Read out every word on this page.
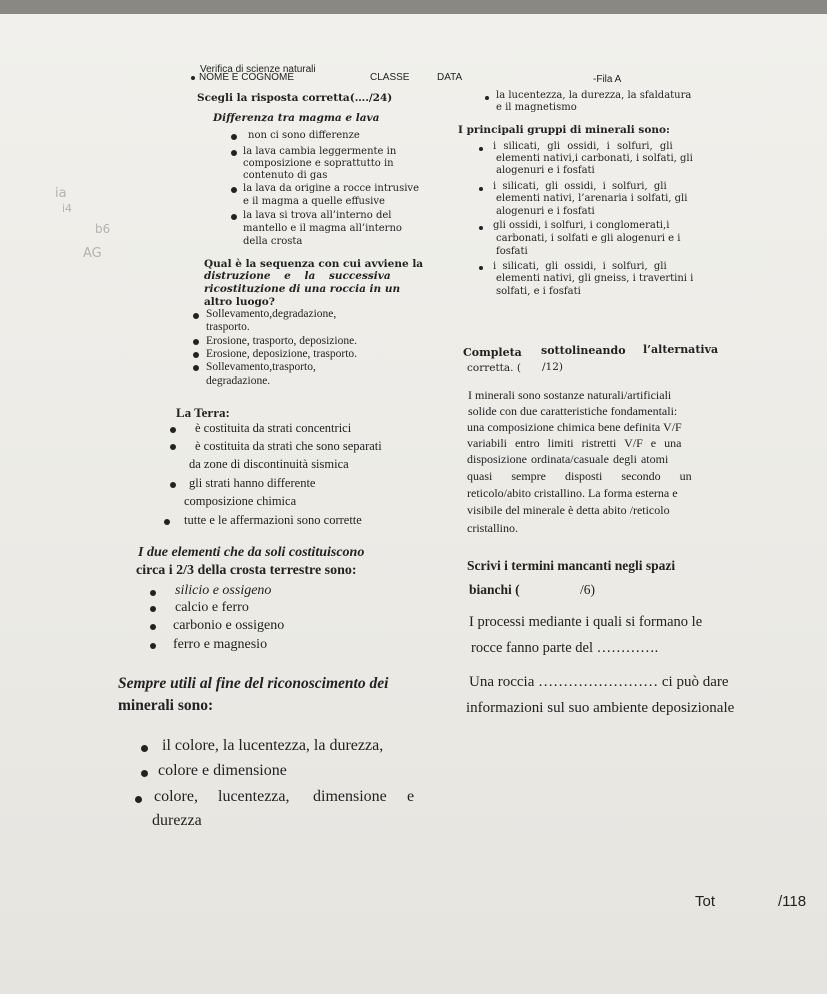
Verifica di scienze naturali
NOME E COGNOME	CLASSE	DATA	-Fila A
Scegli la risposta corretta(…./24)
Differenza tra magma e lava
non ci sono differenze
la lava cambia leggermente in
composizione e soprattutto in
contenuto di gas
la lava da origine a rocce intrusive
e il magma a quelle effusive
la lava si trova all’interno del
mantello e il magma all’interno
della crosta
Qual è la sequenza con cui avviene la
distruzione e la successiva
ricostituzione di una roccia in un
altro luogo?
Sollevamento,degradazione,
trasporto.
Erosione, trasporto, deposizione.
Erosione, deposizione, trasporto.
Sollevamento,trasporto,
degradazione.
La Terra:
è costituita da strati concentrici
è costituita da strati che sono separati
da zone di discontinuità sismica
gli strati hanno differente
composizione chimica
tutte e le affermazioni sono corrette
I due elementi che da soli costituiscono
circa i 2/3 della crosta terrestre sono:
silicio e ossigeno
calcio e ferro
carbonio e ossigeno
ferro e magnesio
Sempre utili al fine del riconoscimento dei
minerali sono:
il colore, la lucentezza, la durezza,
colore e dimensione
colore, lucentezza, dimensione e
durezza
la lucentezza, la durezza, la sfaldatura
e il magnetismo
I principali gruppi di minerali sono:
i silicati, gli ossidi, i solfuri, gli
elementi nativi,i carbonati, i solfati, gli
alogenuri e i fosfati
i silicati, gli ossidi, i solfuri, gli
elementi nativi, l’arenaria i solfati, gli
alogenuri e i fosfati
gli ossidi, i solfuri, i conglomerati,i
carbonati, i solfati e gli alogenuri e i
fosfati
i silicati, gli ossidi, i solfuri, gli
elementi nativi, gli gneiss, i travertini i
solfati, e i fosfati
Completa sottolineando l’alternativa
corretta. ( /12)
I minerali sono sostanze naturali/artificiali
solide con due caratteristiche fondamentali:
una composizione chimica bene definita V/F
variabili entro limiti ristretti V/F e una
disposizione ordinata/casuale degli atomi
quasi sempre disposti secondo un
reticolo/abito cristallino. La forma esterna e
visibile del minerale è detta abito /reticolo
cristallino.
Scrivi i termini mancanti negli spazi
bianchi (	/6)
I processi mediante i quali si formano le
rocce fanno parte del ………….
Una roccia …………………… ci può dare
informazioni sul suo ambiente deposizionale
Tot	/118
ia
i4
b6
AG
